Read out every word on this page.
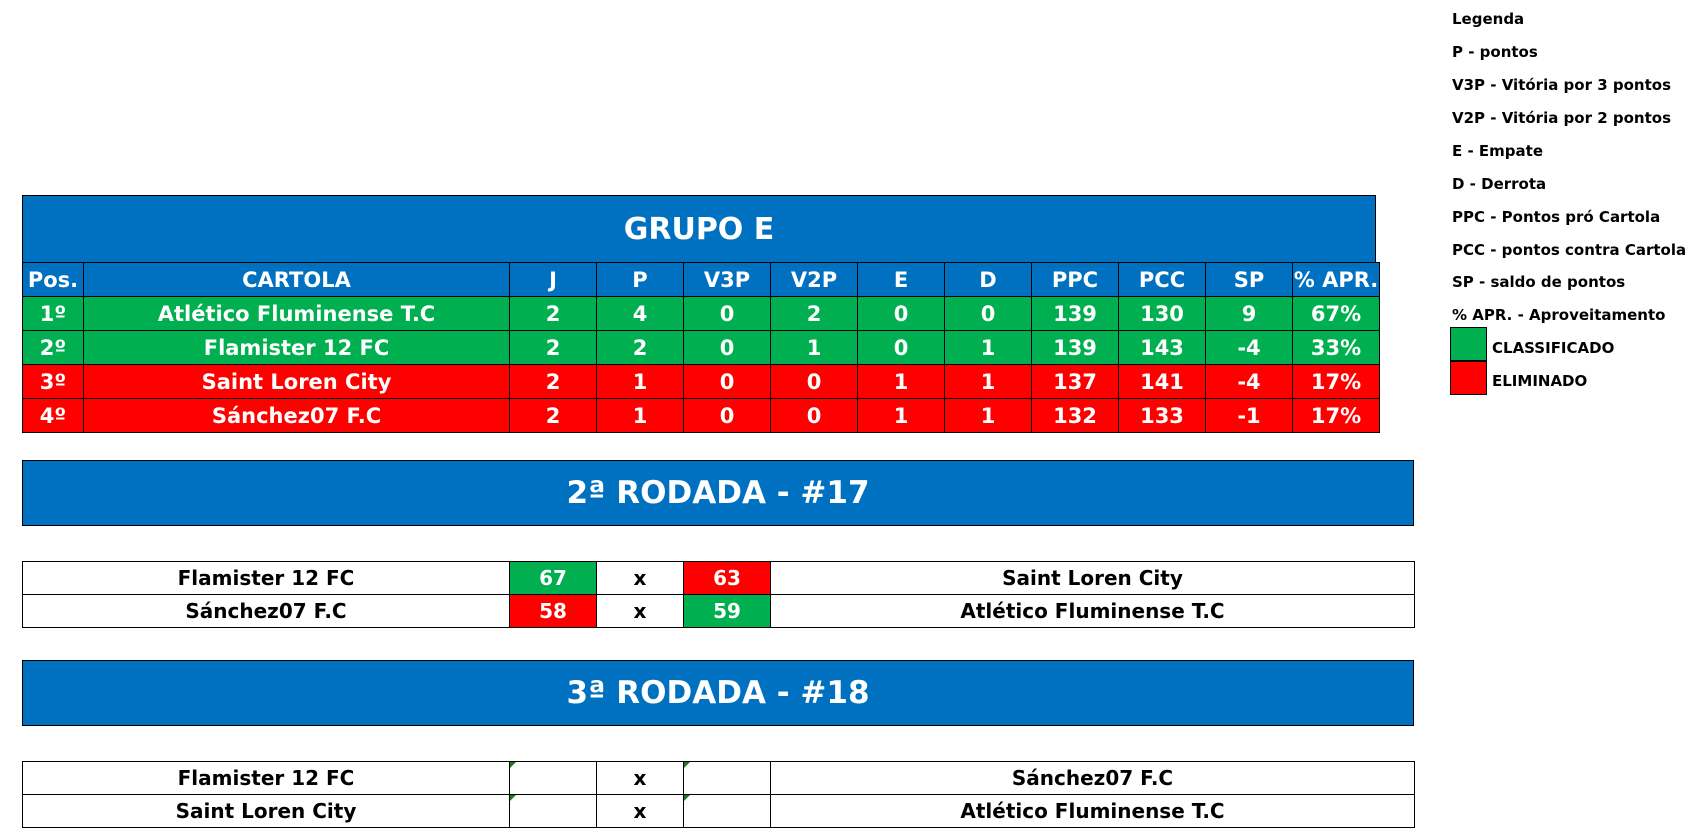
GRUPO E
Pos.	CARTOLA	J	P	V3P	V2P	E	D	PPC	PCC	SP	% APR.
1º	Atlético Fluminense T.C	2	4	0	2	0	0	139	130	9	67%
2º	Flamister 12 FC	2	2	0	1	0	1	139	143	-4	33%
3º	Saint Loren City	2	1	0	0	1	1	137	141	-4	17%
4º	Sánchez07 F.C	2	1	0	0	1	1	132	133	-1	17%
2ª RODADA - #17
Flamister 12 FC	67	x	63	Saint Loren City
Sánchez07 F.C	58	x	59	Atlético Fluminense T.C
3ª RODADA - #18
Flamister 12 FC		x		Sánchez07 F.C
Saint Loren City		x		Atlético Fluminense T.C
Legenda
P - pontos
V3P - Vitória por 3 pontos
V2P - Vitória por 2 pontos
E - Empate
D - Derrota
PPC - Pontos pró Cartola
PCC - pontos contra Cartola
SP - saldo de pontos
% APR. - Aproveitamento
CLASSIFICADO
ELIMINADO
